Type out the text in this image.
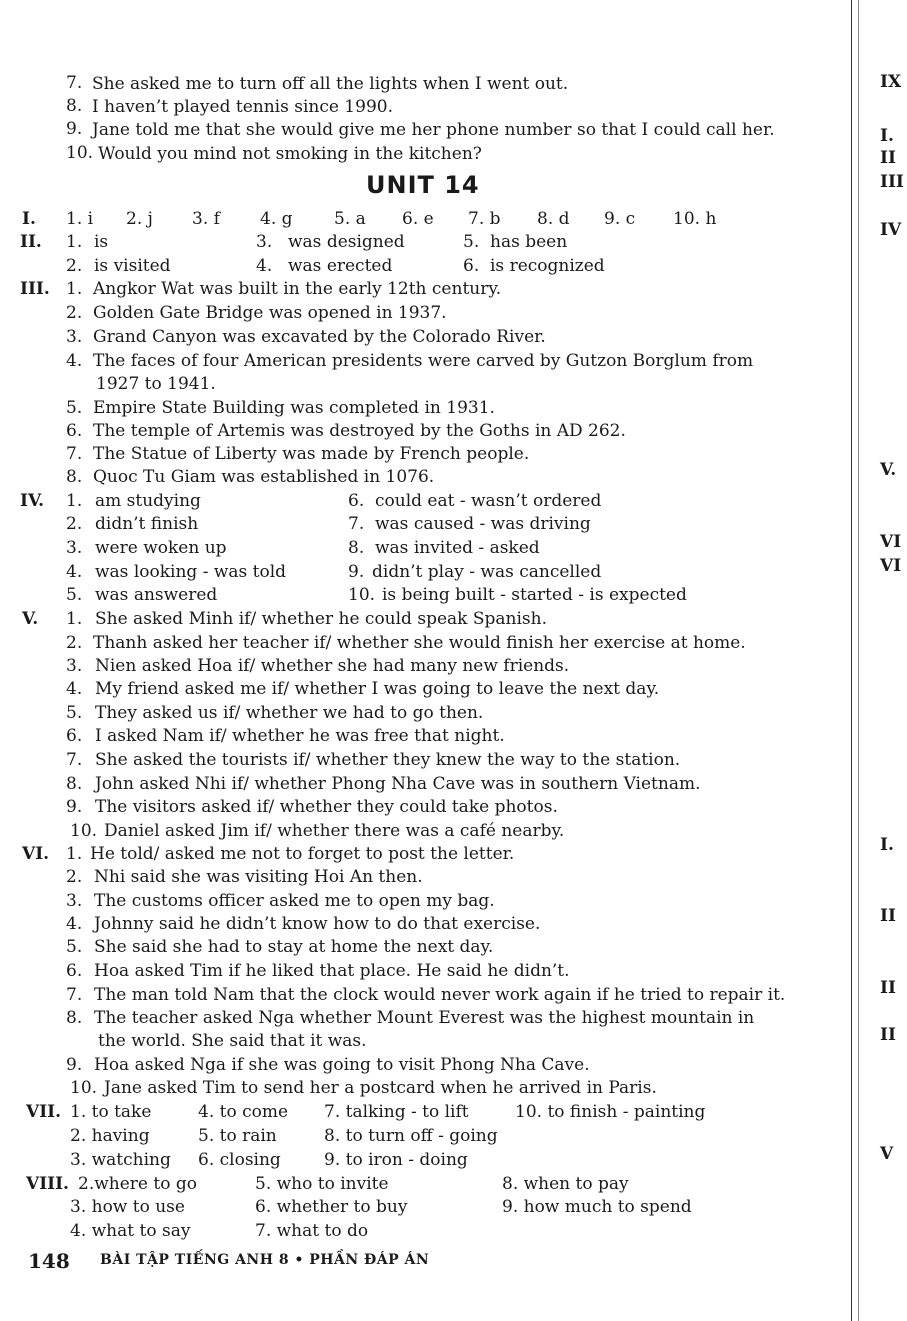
7. She asked me to turn off all the lights when I went out.
8. I haven’t played tennis since 1990.
9. Jane told me that she would give me her phone number so that I could call her.
10. Would you mind not smoking in the kitchen?
UNIT 14
I. 1. i 2. j 3. f 4. g 5. a 6. e 7. b 8. d 9. c 10. h
II. 1. is	3. was designed	5. has been
2. is visited	4. was erected	6. is recognized
III. 1. Angkor Wat was built in the early 12th century.
2. Golden Gate Bridge was opened in 1937.
3. Grand Canyon was excavated by the Colorado River.
4. The faces of four American presidents were carved by Gutzon Borglum from
1927 to 1941.
5. Empire State Building was completed in 1931.
6. The temple of Artemis was destroyed by the Goths in AD 262.
7. The Statue of Liberty was made by French people.
8. Quoc Tu Giam was established in 1076.
IV. 1. am studying	6. could eat - wasn’t ordered
2. didn’t finish	7. was caused - was driving
3. were woken up	8. was invited - asked
4. was looking - was told	9. didn’t play - was cancelled
5. was answered	10. is being built - started - is expected
V. 1. She asked Minh if/ whether he could speak Spanish.
2. Thanh asked her teacher if/ whether she would finish her exercise at home.
3. Nien asked Hoa if/ whether she had many new friends.
4. My friend asked me if/ whether I was going to leave the next day.
5. They asked us if/ whether we had to go then.
6. I asked Nam if/ whether he was free that night.
7. She asked the tourists if/ whether they knew the way to the station.
8. John asked Nhi if/ whether Phong Nha Cave was in southern Vietnam.
9. The visitors asked if/ whether they could take photos.
10. Daniel asked Jim if/ whether there was a café nearby.
VI. 1. He told/ asked me not to forget to post the letter.
2. Nhi said she was visiting Hoi An then.
3. The customs officer asked me to open my bag.
4. Johnny said he didn’t know how to do that exercise.
5. She said she had to stay at home the next day.
6. Hoa asked Tim if he liked that place. He said he didn’t.
7. The man told Nam that the clock would never work again if he tried to repair it.
8. The teacher asked Nga whether Mount Everest was the highest mountain in
the world. She said that it was.
9. Hoa asked Nga if she was going to visit Phong Nha Cave.
10. Jane asked Tim to send her a postcard when he arrived in Paris.
VII. 1. to take	4. to come 7. talking - to lift	10. to finish - painting
2. having	5. to rain	8. to turn off - going
3. watching 6. closing	9. to iron - doing
VIII. 2.where to go	5. who to invite	8. when to pay
3. how to use	6. whether to buy	9. how much to spend
4. what to say	7. what to do
148 BÀI TẬP TIẾNG ANH 8 • PHẦN ĐÁP ÁN
IX
I.
II
III
IV
V.
VI
VI
I.
II
II
II
V
